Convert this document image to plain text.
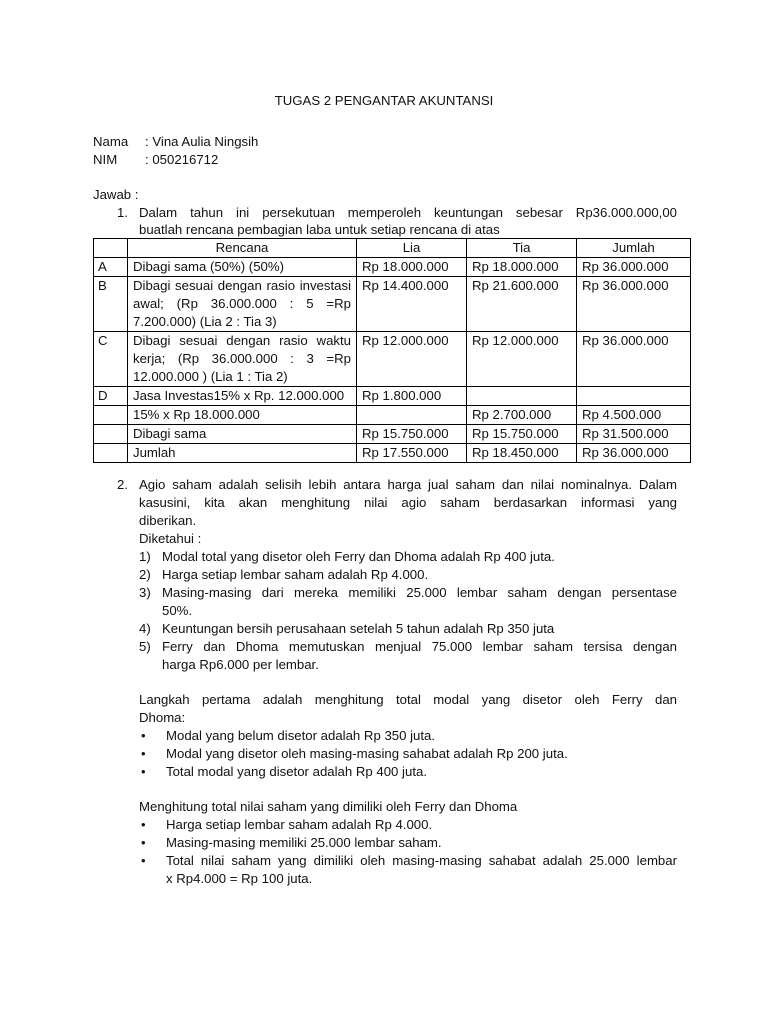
TUGAS 2 PENGANTAR AKUNTANSI
Nama : Vina Aulia Ningsih
NIM : 050216712
Jawab :
1. Dalam tahun ini persekutuan memperoleh keuntungan sebesar Rp36.000.000,00
buatlah rencana pembagian laba untuk setiap rencana di atas
	Rencana	Lia	Tia	Jumlah
A	Dibagi sama (50%) (50%)	Rp 18.000.000	Rp 18.000.000	Rp 36.000.000
B	Dibagi sesuai dengan rasio investasi awal; (Rp 36.000.000 : 5 =Rp 7.200.000) (Lia 2 : Tia 3)	Rp 14.400.000	Rp 21.600.000	Rp 36.000.000
C	Dibagi sesuai dengan rasio waktu kerja; (Rp 36.000.000 : 3 =Rp 12.000.000 ) (Lia 1 : Tia 2)	Rp 12.000.000	Rp 12.000.000	Rp 36.000.000
D	Jasa Investas15% x Rp. 12.000.000	Rp 1.800.000		
	15% x Rp 18.000.000		Rp 2.700.000	Rp 4.500.000
	Dibagi sama	Rp 15.750.000	Rp 15.750.000	Rp 31.500.000
	Jumlah	Rp 17.550.000	Rp 18.450.000	Rp 36.000.000
2. Agio saham adalah selisih lebih antara harga jual saham dan nilai nominalnya. Dalam
kasusini, kita akan menghitung nilai agio saham berdasarkan informasi yang
diberikan.
Diketahui :
1) Modal total yang disetor oleh Ferry dan Dhoma adalah Rp 400 juta.
2) Harga setiap lembar saham adalah Rp 4.000.
3) Masing-masing dari mereka memiliki 25.000 lembar saham dengan persentase
50%.
4) Keuntungan bersih perusahaan setelah 5 tahun adalah Rp 350 juta
5) Ferry dan Dhoma memutuskan menjual 75.000 lembar saham tersisa dengan
harga Rp6.000 per lembar.
Langkah pertama adalah menghitung total modal yang disetor oleh Ferry dan
Dhoma:
• Modal yang belum disetor adalah Rp 350 juta.
• Modal yang disetor oleh masing-masing sahabat adalah Rp 200 juta.
• Total modal yang disetor adalah Rp 400 juta.
Menghitung total nilai saham yang dimiliki oleh Ferry dan Dhoma
• Harga setiap lembar saham adalah Rp 4.000.
• Masing-masing memiliki 25.000 lembar saham.
• Total nilai saham yang dimiliki oleh masing-masing sahabat adalah 25.000 lembar
x Rp4.000 = Rp 100 juta.
